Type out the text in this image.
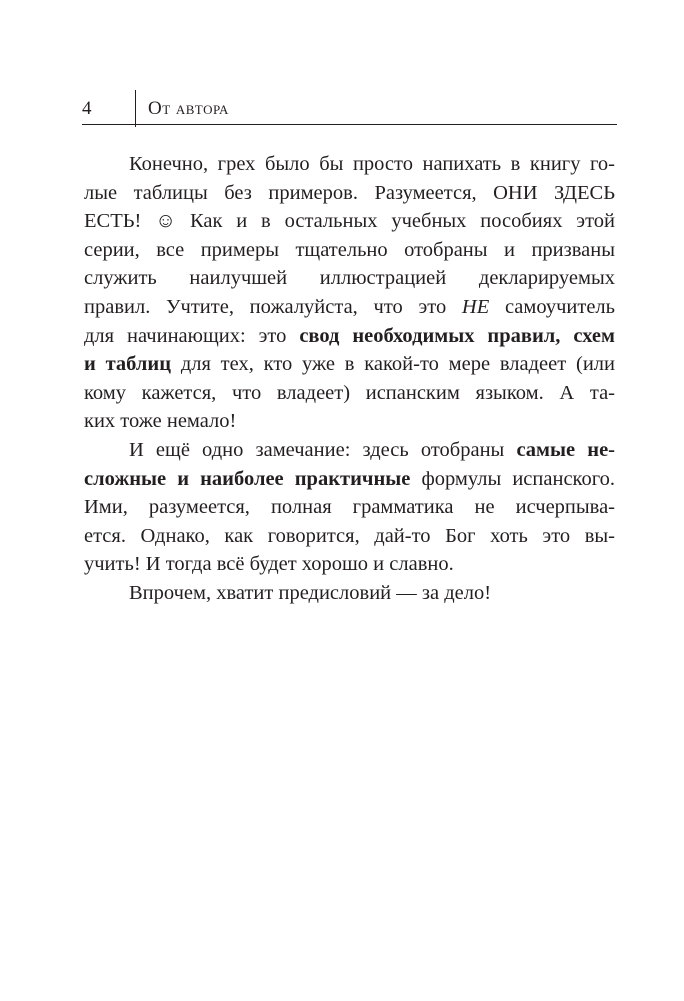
4	От автора
Конечно, грех было бы просто напихать в книгу го-
лые таблицы без примеров. Разумеется, ОНИ ЗДЕСЬ
ЕСТЬ! ☺ Как и в остальных учебных пособиях этой
серии, все примеры тщательно отобраны и призваны
служить наилучшей иллюстрацией декларируемых
правил. Учтите, пожалуйста, что это НЕ самоучитель
для начинающих: это свод необходимых правил, схем
и таблиц для тех, кто уже в какой-то мере владеет (или
кому кажется, что владеет) испанским языком. А та-
ких тоже немало!
И ещё одно замечание: здесь отобраны самые не-
сложные и наиболее практичные формулы испанского.
Ими, разумеется, полная грамматика не исчерпыва-
ется. Однако, как говорится, дай-то Бог хоть это вы-
учить! И тогда всё будет хорошо и славно.
Впрочем, хватит предисловий — за дело!
